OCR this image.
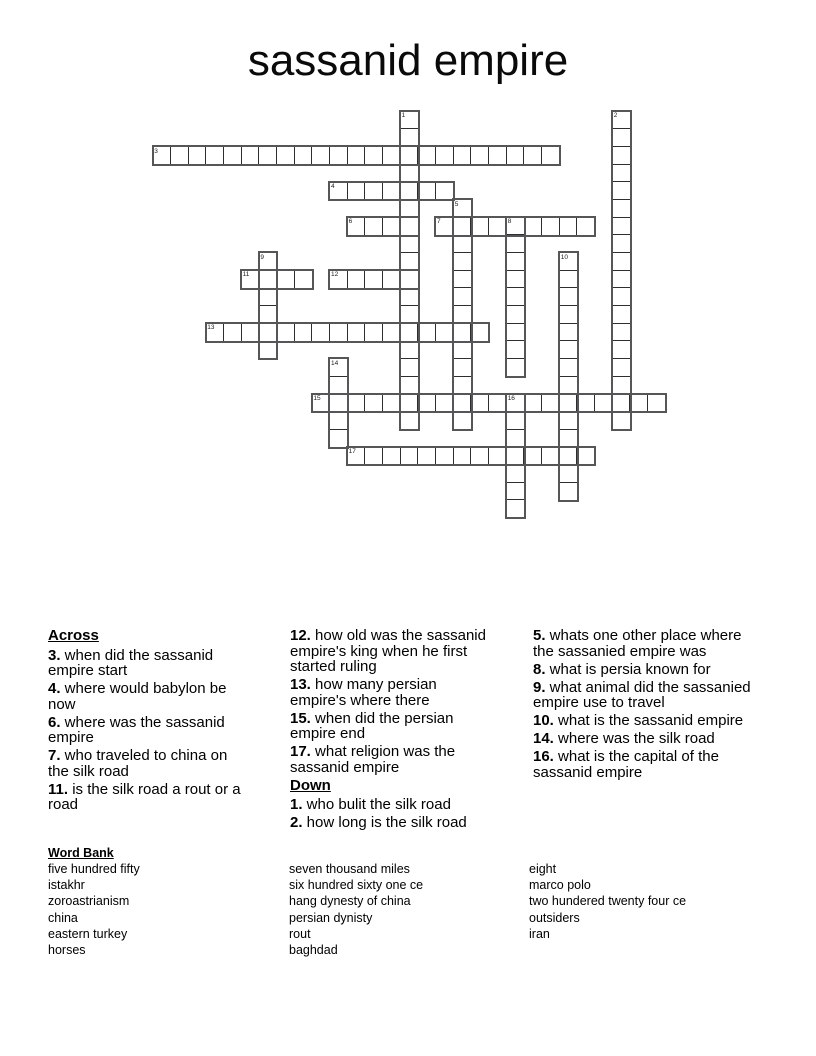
sassanid empire
1	2
3
4
5
6	7	8
9	10
11	12
13
14
15	16
17
Across
3. when did the sassanid empire start
4. where would babylon be now
6. where was the sassanid empire
7. who traveled to china on the silk road
11. is the silk road a rout or a road
12. how old was the sassanid empire's king when he first started ruling
13. how many persian empire's where there
15. when did the persian empire end
17. what religion was the sassanid empire
Down
1. who bulit the silk road
2. how long is the silk road
5. whats one other place where the sassanied empire was
8. what is persia known for
9. what animal did the sassanied empire use to travel
10. what is the sassanid empire
14. where was the silk road
16. what is the capital of the sassanid empire
Word Bank
five hundred fifty
istakhr
zoroastrianism
china
eastern turkey
horses
seven thousand miles
six hundred sixty one ce
hang dynesty of china
persian dynisty
rout
baghdad
eight
marco polo
two hundered twenty four ce
outsiders
iran
